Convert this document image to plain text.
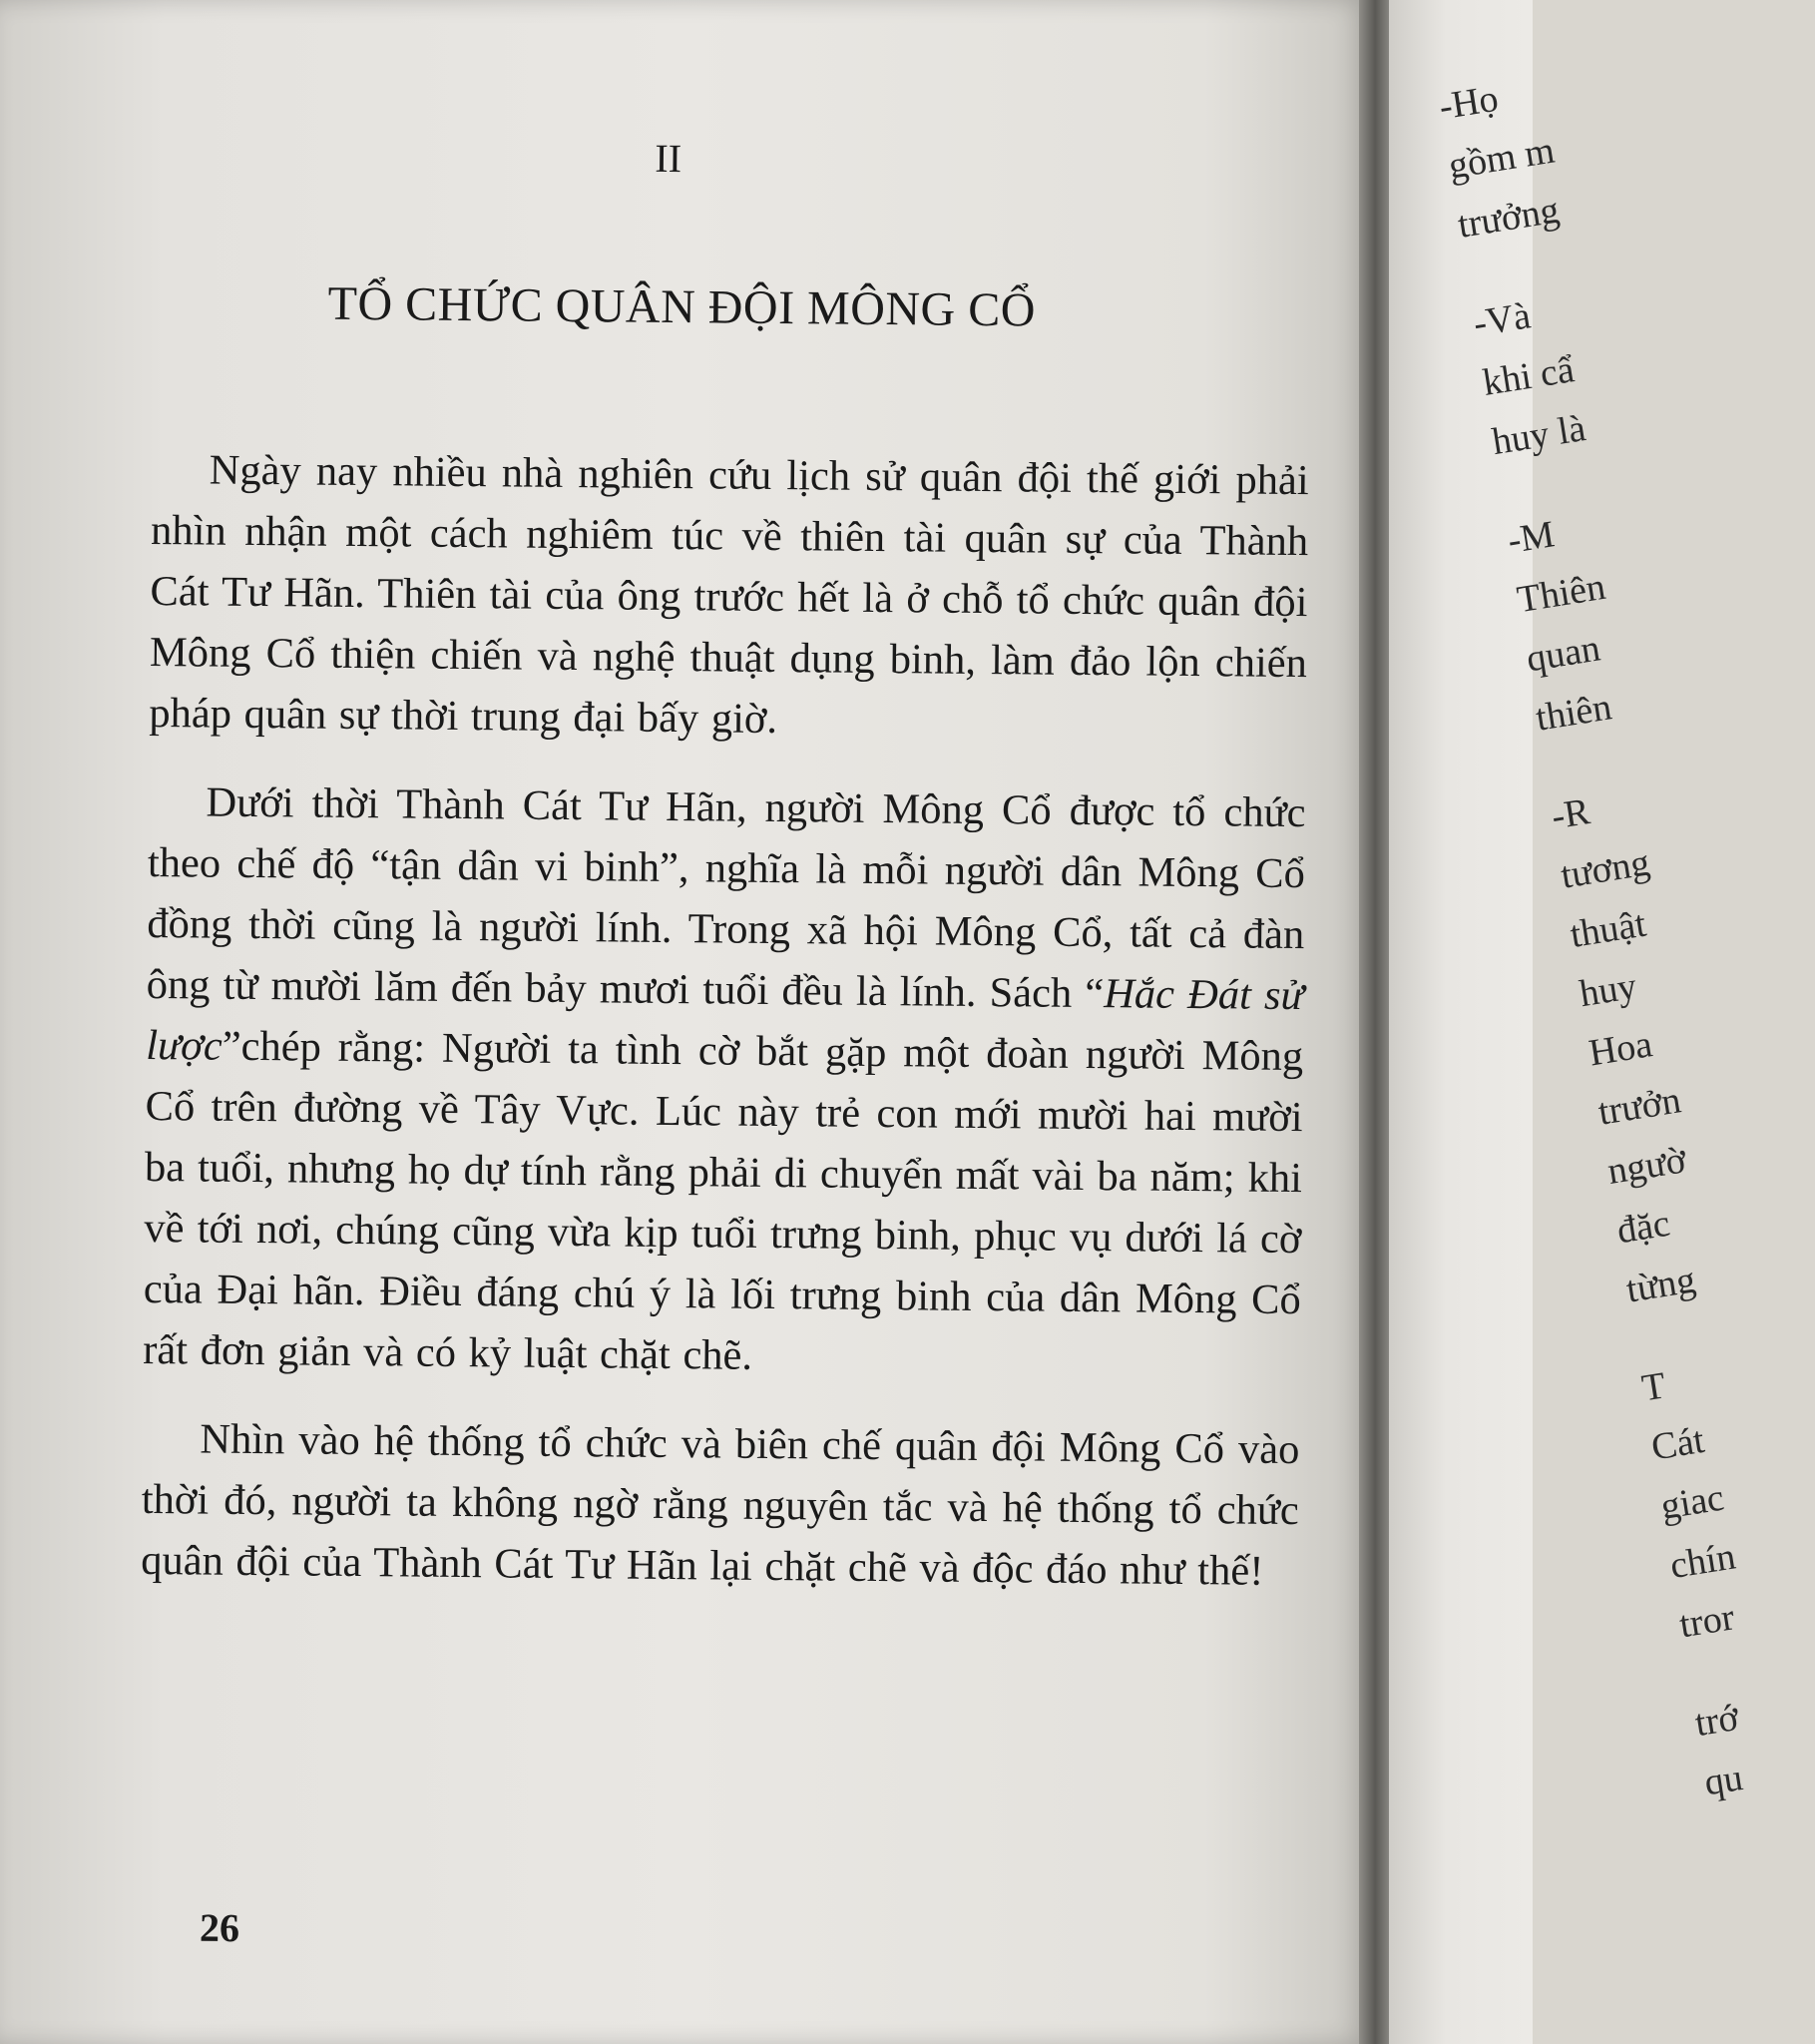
II
TỔ CHỨC QUÂN ĐỘI MÔNG CỔ

Ngày nay nhiều nhà nghiên cứu lịch sử quân đội thế giới phải nhìn nhận một cách nghiêm túc về thiên tài quân sự của Thành Cát Tư Hãn. Thiên tài của ông trước hết là ở chỗ tổ chức quân đội Mông Cổ thiện chiến và nghệ thuật dụng binh, làm đảo lộn chiến pháp quân sự thời trung đại bấy giờ.

Dưới thời Thành Cát Tư Hãn, người Mông Cổ được tổ chức theo chế độ “tận dân vi binh”, nghĩa là mỗi người dân Mông Cổ đồng thời cũng là người lính. Trong xã hội Mông Cổ, tất cả đàn ông từ mười lăm đến bảy mươi tuổi đều là lính. Sách “Hắc Đát sử lược”chép rằng: Người ta tình cờ bắt gặp một đoàn người Mông Cổ trên đường về Tây Vực. Lúc này trẻ con mới mười hai mười ba tuổi, nhưng họ dự tính rằng phải di chuyển mất vài ba năm; khi về tới nơi, chúng cũng vừa kịp tuổi trưng binh, phục vụ dưới lá cờ của Đại hãn. Điều đáng chú ý là lối trưng binh của dân Mông Cổ rất đơn giản và có kỷ luật chặt chẽ.

Nhìn vào hệ thống tổ chức và biên chế quân đội Mông Cổ vào thời đó, người ta không ngờ rằng nguyên tắc và hệ thống tổ chức quân đội của Thành Cát Tư Hãn lại chặt chẽ và độc đáo như thế!

26
-Họ
gồm m
trưởng
-Và
khi cẩ
huy là
-M
Thiên
quan
thiên
-R
tương
thuật
huy
Hoa
trưởn
ngườ
đặc
từng
T
Cát
giac
chín
tror
trớ
qu
